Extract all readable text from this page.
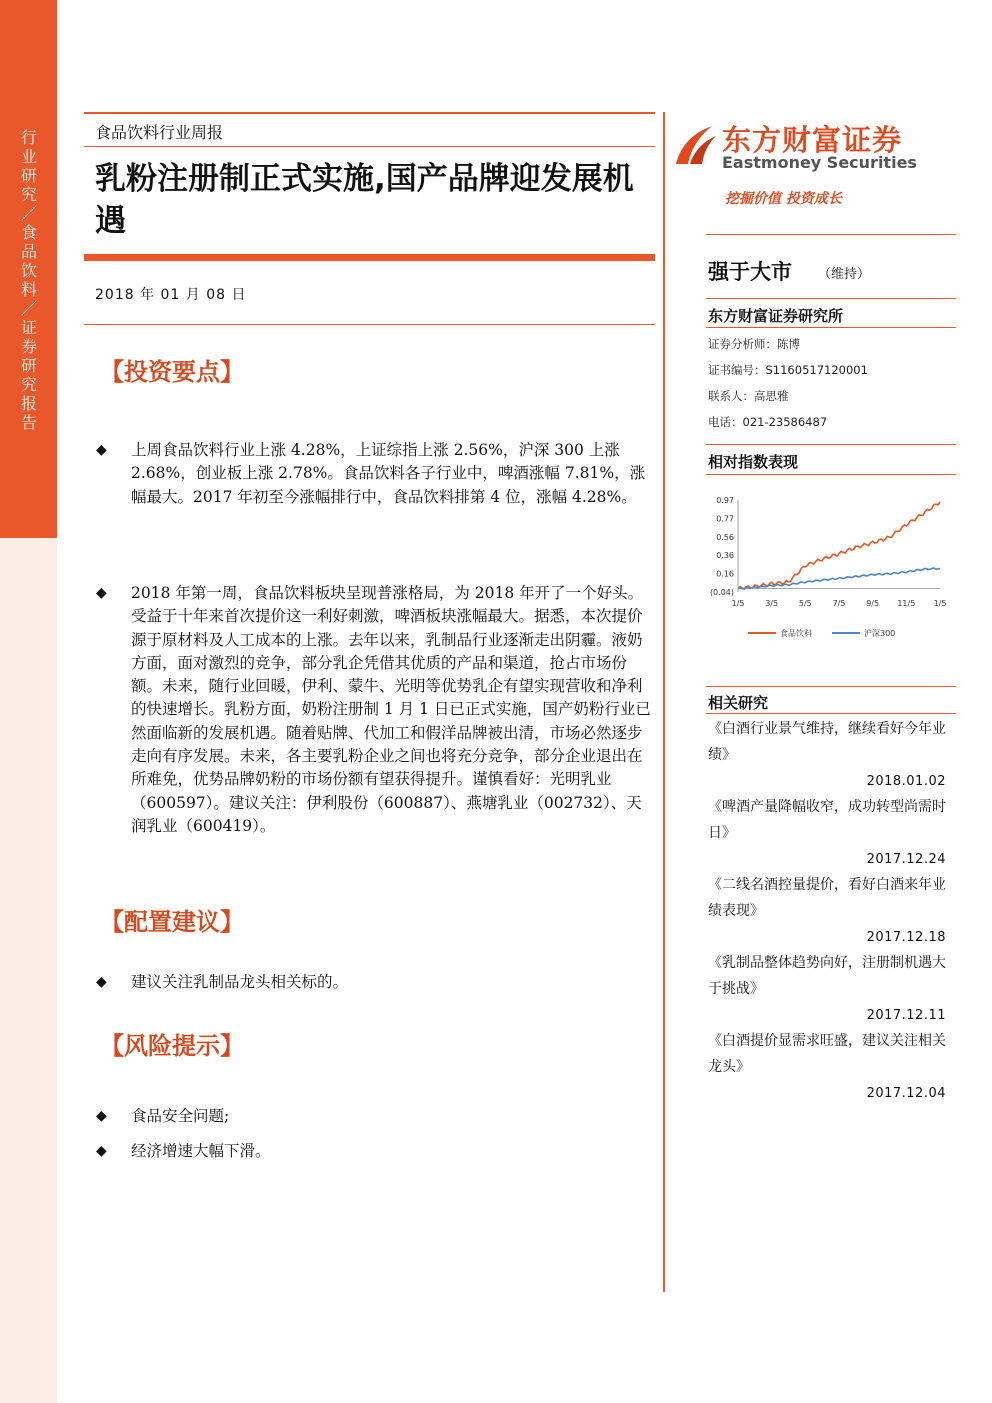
行业研究／食品饮料／证券研究报告
食品饮料行业周报
乳粉注册制正式实施,国产品牌迎发展机遇
2018 年 01 月 08 日
【投资要点】
◆ 上周食品饮料行业上涨 4.28%，上证综指上涨 2.56%，沪深 300 上涨 2.68%，创业板上涨 2.78%。食品饮料各子行业中，啤酒涨幅 7.81%，涨幅最大。2017 年初至今涨幅排行中，食品饮料排第 4 位，涨幅 4.28%。
◆ 2018 年第一周，食品饮料板块呈现普涨格局，为 2018 年开了一个好头。受益于十年来首次提价这一利好刺激，啤酒板块涨幅最大。据悉，本次提价源于原材料及人工成本的上涨。去年以来，乳制品行业逐渐走出阴霾。液奶方面，面对激烈的竞争，部分乳企凭借其优质的产品和渠道，抢占市场份额。未来，随行业回暖，伊利、蒙牛、光明等优势乳企有望实现营收和净利的快速增长。乳粉方面，奶粉注册制 1 月 1 日已正式实施，国产奶粉行业已然面临新的发展机遇。随着贴牌、代加工和假洋品牌被出清，市场必然逐步走向有序发展。未来，各主要乳粉企业之间也将充分竞争，部分企业退出在所难免，优势品牌奶粉的市场份额有望获得提升。谨慎看好：光明乳业（600597）。建议关注：伊利股份（600887）、燕塘乳业（002732）、天润乳业（600419）。
【配置建议】
◆ 建议关注乳制品龙头相关标的。
【风险提示】
◆ 食品安全问题;
◆ 经济增速大幅下滑。
东方财富证券
Eastmoney Securities
挖掘价值 投资成长
强于大市 （维持）
东方财富证券研究所
证券分析师：陈博
证书编号：S1160517120001
联系人：高思雅
电话：021-23586487
相对指数表现
0.97
0.77
0.56
0.36
0.16
(0.04)
1/5	3/5	5/5	7/5	9/5 11/5 1/5
食品饮料	沪深300
相关研究
《白酒行业景气维持，继续看好今年业绩》
2018.01.02
《啤酒产量降幅收窄，成功转型尚需时日》
2017.12.24
《二线名酒控量提价，看好白酒来年业绩表现》
2017.12.18
《乳制品整体趋势向好，注册制机遇大于挑战》
2017.12.11
《白酒提价显需求旺盛，建议关注相关龙头》
2017.12.04
